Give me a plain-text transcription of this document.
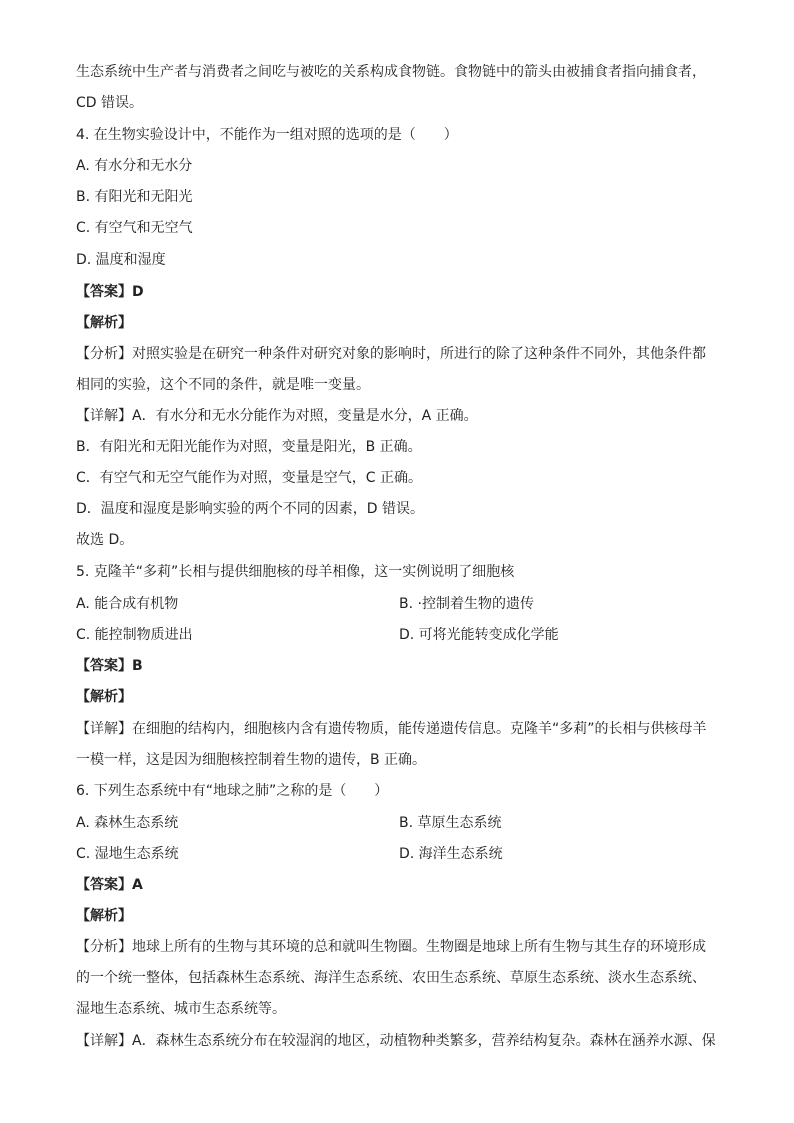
生态系统中生产者与消费者之间吃与被吃的关系构成食物链。食物链中的箭头由被捕食者指向捕食者，
CD 错误。
4. 在生物实验设计中，不能作为一组对照的选项的是（　　）
A. 有水分和无水分
B. 有阳光和无阳光
C. 有空气和无空气
D. 温度和湿度
【答案】D
【解析】
【分析】对照实验是在研究一种条件对研究对象的影响时，所进行的除了这种条件不同外，其他条件都
相同的实验，这个不同的条件，就是唯一变量。
【详解】A．有水分和无水分能作为对照，变量是水分，A 正确。
B．有阳光和无阳光能作为对照，变量是阳光，B 正确。
C．有空气和无空气能作为对照，变量是空气，C 正确。
D．温度和湿度是影响实验的两个不同的因素，D 错误。
故选 D。
5. 克隆羊“多莉”长相与提供细胞核的母羊相像，这一实例说明了细胞核
A. 能合成有机物	B. ·控制着生物的遗传
C. 能控制物质进出	D. 可将光能转变成化学能
【答案】B
【解析】
【详解】在细胞的结构内，细胞核内含有遗传物质，能传递遗传信息。克隆羊“多莉”的长相与供核母羊
一模一样，这是因为细胞核控制着生物的遗传，B 正确。
6. 下列生态系统中有“地球之肺”之称的是（　　）
A. 森林生态系统	B. 草原生态系统
C. 湿地生态系统	D. 海洋生态系统
【答案】A
【解析】
【分析】地球上所有的生物与其环境的总和就叫生物圈。生物圈是地球上所有生物与其生存的环境形成
的一个统一整体，包括森林生态系统、海洋生态系统、农田生态系统、草原生态系统、淡水生态系统、
湿地生态系统、城市生态系统等。
【详解】A．森林生态系统分布在较湿润的地区，动植物种类繁多，营养结构复杂。森林在涵养水源、保
